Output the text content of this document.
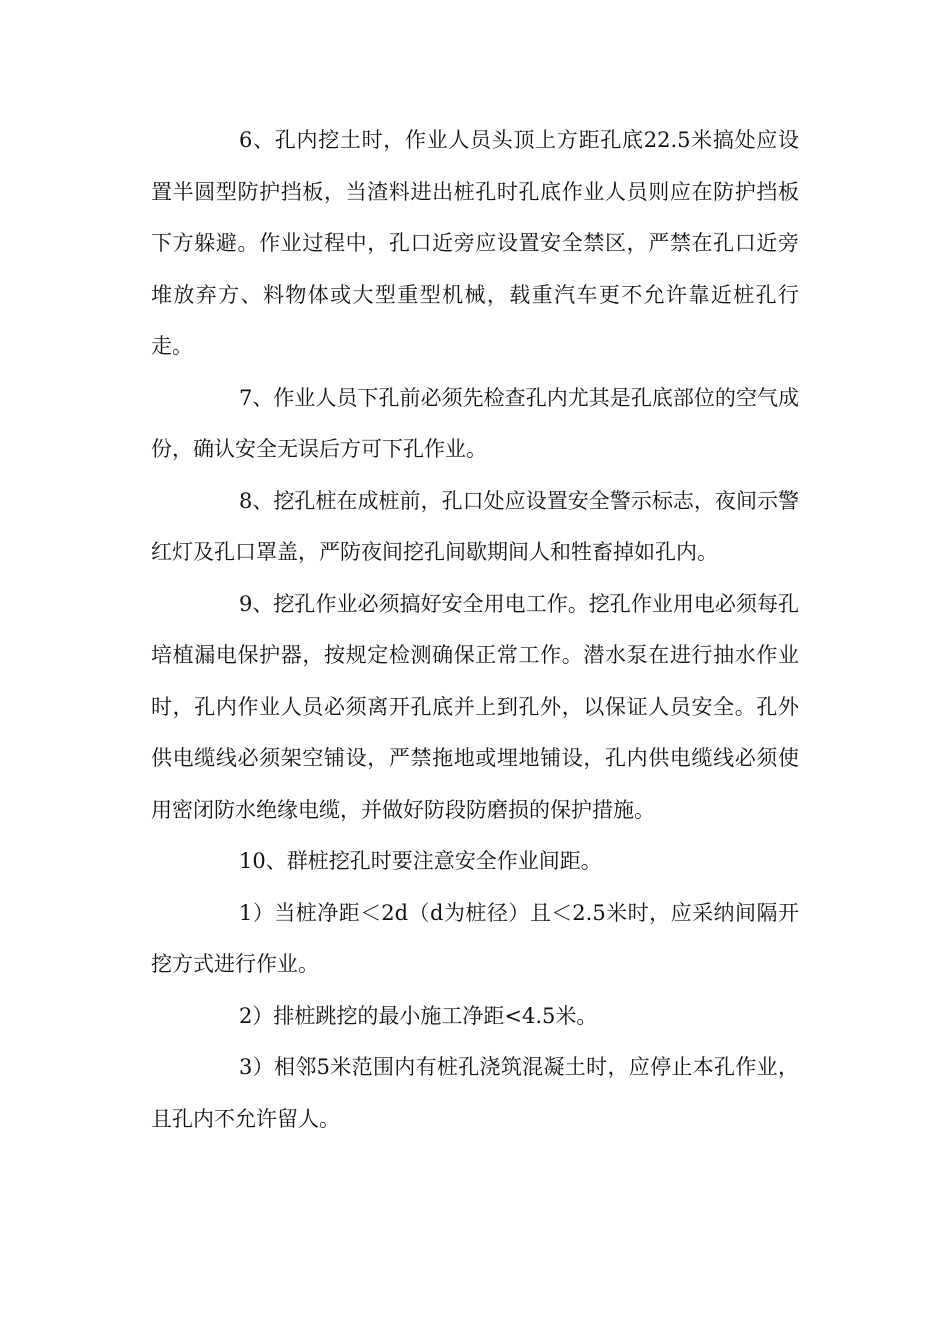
6、孔内挖土时，作业人员头顶上方距孔底22.5米搞处应设置半圆型防护挡板，当渣料进出桩孔时孔底作业人员则应在防护挡板下方躲避。作业过程中，孔口近旁应设置安全禁区，严禁在孔口近旁堆放弃方、料物体或大型重型机械，载重汽车更不允许靠近桩孔行走。

7、作业人员下孔前必须先检查孔内尤其是孔底部位的空气成份，确认安全无误后方可下孔作业。

8、挖孔桩在成桩前，孔口处应设置安全警示标志，夜间示警红灯及孔口罩盖，严防夜间挖孔间歇期间人和牲畜掉如孔内。

9、挖孔作业必须搞好安全用电工作。挖孔作业用电必须每孔培植漏电保护器，按规定检测确保正常工作。潜水泵在进行抽水作业时，孔内作业人员必须离开孔底并上到孔外，以保证人员安全。孔外供电缆线必须架空铺设，严禁拖地或埋地铺设，孔内供电缆线必须使用密闭防水绝缘电缆，并做好防段防磨损的保护措施。

10、群桩挖孔时要注意安全作业间距。

1）当桩净距＜2d（d为桩径）且＜2.5米时，应采纳间隔开挖方式进行作业。

2）排桩跳挖的最小施工净距<4.5米。

3）相邻5米范围内有桩孔浇筑混凝土时，应停止本孔作业，且孔内不允许留人。
